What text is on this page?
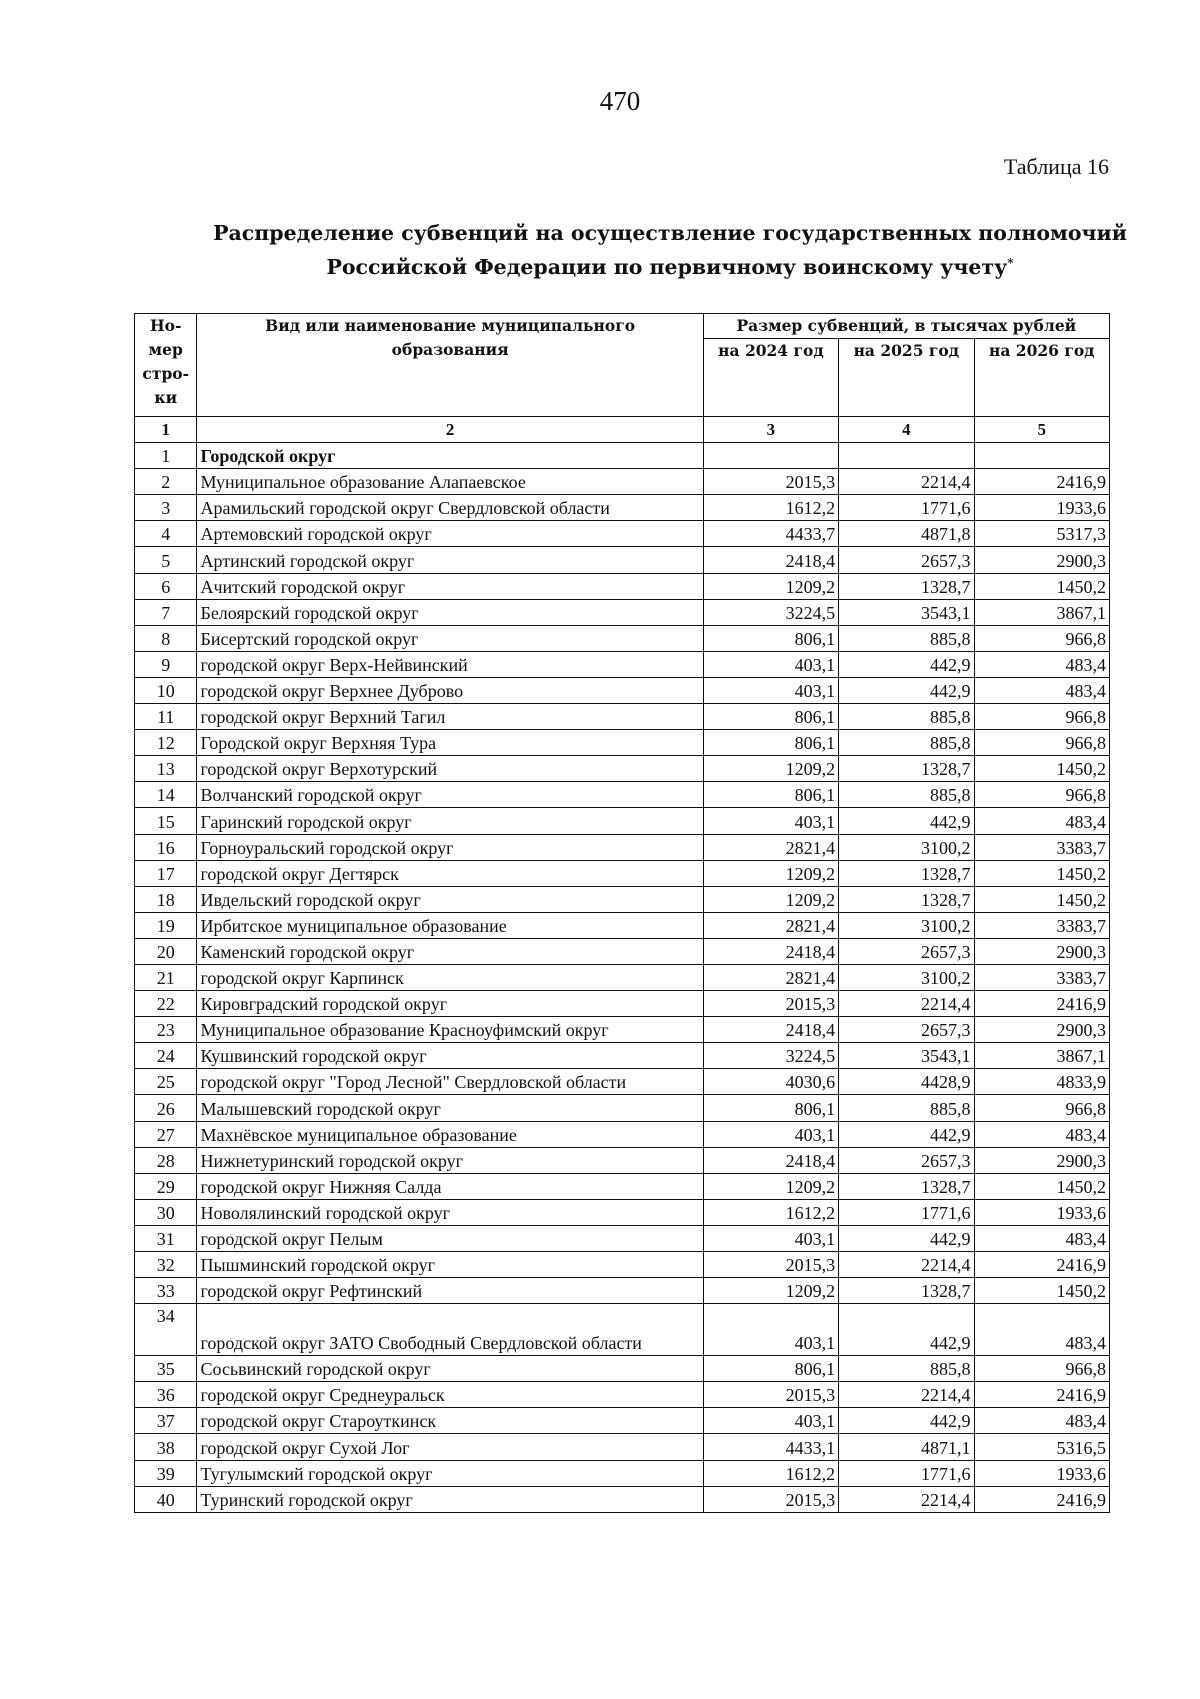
470
Таблица 16
Распределение субвенций на осуществление государственных полномочий
Российской Федерации по первичному воинскому учету*
Но- мер стро- ки	Вид или наименование муниципального образования	Размер субвенций, в тысячах рублей		
		на 2024 год	на 2025 год	на 2026 год
1	2	3	4	5
1	Городской округ			
2	Муниципальное образование Алапаевское	2015,3	2214,4	2416,9
3	Арамильский городской округ Свердловской области	1612,2	1771,6	1933,6
4	Артемовский городской округ	4433,7	4871,8	5317,3
5	Артинский городской округ	2418,4	2657,3	2900,3
6	Ачитский городской округ	1209,2	1328,7	1450,2
7	Белоярский городской округ	3224,5	3543,1	3867,1
8	Бисертский городской округ	806,1	885,8	966,8
9	городской округ Верх-Нейвинский	403,1	442,9	483,4
10	городской округ Верхнее Дуброво	403,1	442,9	483,4
11	городской округ Верхний Тагил	806,1	885,8	966,8
12	Городской округ Верхняя Тура	806,1	885,8	966,8
13	городской округ Верхотурский	1209,2	1328,7	1450,2
14	Волчанский городской округ	806,1	885,8	966,8
15	Гаринский городской округ	403,1	442,9	483,4
16	Горноуральский городской округ	2821,4	3100,2	3383,7
17	городской округ Дегтярск	1209,2	1328,7	1450,2
18	Ивдельский городской округ	1209,2	1328,7	1450,2
19	Ирбитское муниципальное образование	2821,4	3100,2	3383,7
20	Каменский городской округ	2418,4	2657,3	2900,3
21	городской округ Карпинск	2821,4	3100,2	3383,7
22	Кировградский городской округ	2015,3	2214,4	2416,9
23	Муниципальное образование Красноуфимский округ	2418,4	2657,3	2900,3
24	Кушвинский городской округ	3224,5	3543,1	3867,1
25	городской округ "Город Лесной" Свердловской области	4030,6	4428,9	4833,9
26	Малышевский городской округ	806,1	885,8	966,8
27	Махнёвское муниципальное образование	403,1	442,9	483,4
28	Нижнетуринский городской округ	2418,4	2657,3	2900,3
29	городской округ Нижняя Салда	1209,2	1328,7	1450,2
30	Новолялинский городской округ	1612,2	1771,6	1933,6
31	городской округ Пелым	403,1	442,9	483,4
32	Пышминский городской округ	2015,3	2214,4	2416,9
33	городской округ Рефтинский	1209,2	1328,7	1450,2
34	городской округ ЗАТО Свободный Свердловской области	403,1	442,9	483,4
35	Сосьвинский городской округ	806,1	885,8	966,8
36	городской округ Среднеуральск	2015,3	2214,4	2416,9
37	городской округ Староуткинск	403,1	442,9	483,4
38	городской округ Сухой Лог	4433,1	4871,1	5316,5
39	Тугулымский городской округ	1612,2	1771,6	1933,6
40	Туринский городской округ	2015,3	2214,4	2416,9
